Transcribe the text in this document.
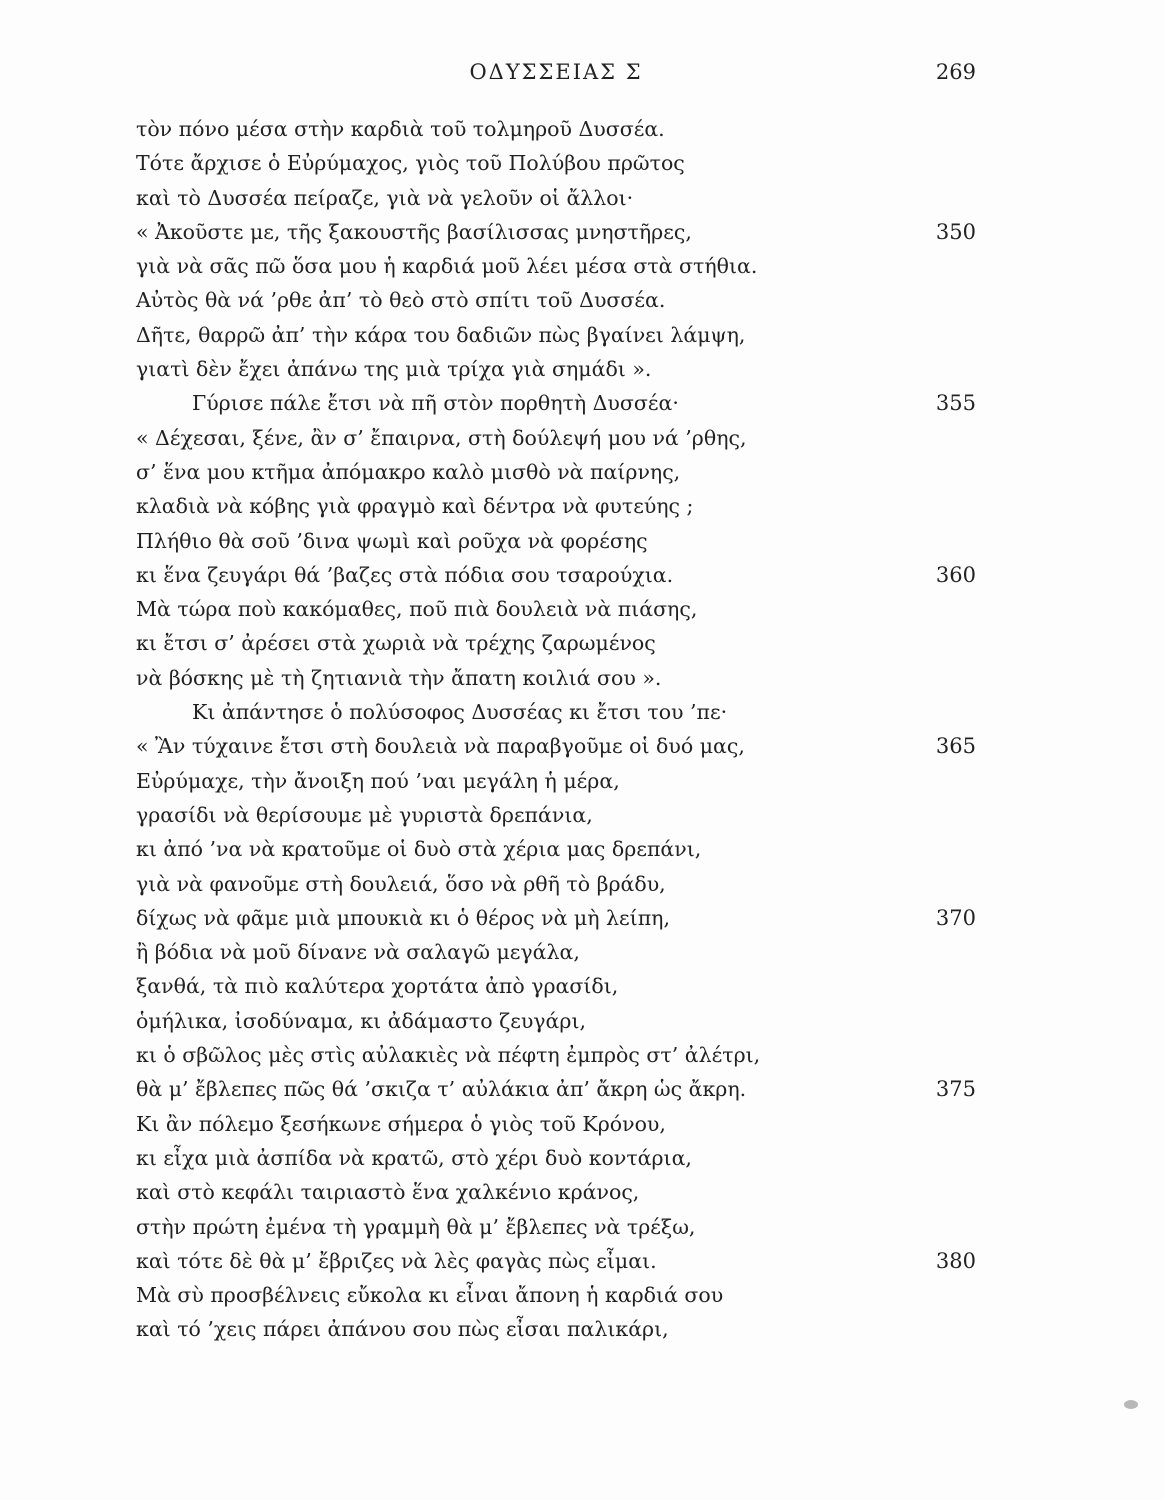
ΟΔΥΣΣΕΙΑΣ Σ	269
τὸν πόνο μέσα στὴν καρδιὰ τοῦ τολμηροῦ Δυσσέα.
Τότε ἄρχισε ὁ Εὐρύμαχος, γιὸς τοῦ Πολύβου πρῶτος
καὶ τὸ Δυσσέα πείραζε, γιὰ νὰ γελοῦν οἱ ἄλλοι·
« Ἀκοῦστε με, τῆς ξακουστῆς βασίλισσας μνηστῆρες,	350
γιὰ νὰ σᾶς πῶ ὅσα μου ἡ καρδιά μοῦ λέει μέσα στὰ στήθια.
Αὐτὸς θὰ νά ’ρθε ἀπ’ τὸ θεὸ στὸ σπίτι τοῦ Δυσσέα.
Δῆτε, θαρρῶ ἀπ’ τὴν κάρα του δαδιῶν πὼς βγαίνει λάμψη,
γιατὶ δὲν ἔχει ἀπάνω της μιὰ τρίχα γιὰ σημάδι ».
Γύρισε πάλε ἔτσι νὰ πῆ στὸν πορθητὴ Δυσσέα·	355
« Δέχεσαι, ξένε, ἂν σ’ ἔπαιρνα, στὴ δούλεψή μου νά ’ρθης,
σ’ ἕνα μου κτῆμα ἀπόμακρο καλὸ μισθὸ νὰ παίρνης,
κλαδιὰ νὰ κόβης γιὰ φραγμὸ καὶ δέντρα νὰ φυτεύης ;
Πλήθιο θὰ σοῦ ’δινα ψωμὶ καὶ ροῦχα νὰ φορέσης
κι ἕνα ζευγάρι θά ’βαζες στὰ πόδια σου τσαρούχια.	360
Μὰ τώρα ποὺ κακόμαθες, ποῦ πιὰ δουλειὰ νὰ πιάσης,
κι ἔτσι σ’ ἀρέσει στὰ χωριὰ νὰ τρέχης ζαρωμένος
νὰ βόσκης μὲ τὴ ζητιανιὰ τὴν ἄπατη κοιλιά σου ».
Κι ἀπάντησε ὁ πολύσοφος Δυσσέας κι ἔτσι του ’πε·
« Ἂν τύχαινε ἔτσι στὴ δουλειὰ νὰ παραβγοῦμε οἱ δυό μας,	365
Εὐρύμαχε, τὴν ἄνοιξη πού ’ναι μεγάλη ἡ μέρα,
γρασίδι νὰ θερίσουμε μὲ γυριστὰ δρεπάνια,
κι ἀπό ’να νὰ κρατοῦμε οἱ δυὸ στὰ χέρια μας δρεπάνι,
γιὰ νὰ φανοῦμε στὴ δουλειά, ὅσο νὰ ρθῆ τὸ βράδυ,
δίχως νὰ φᾶμε μιὰ μπουκιὰ κι ὁ θέρος νὰ μὴ λείπη,	370
ἢ βόδια νὰ μοῦ δίνανε νὰ σαλαγῶ μεγάλα,
ξανθά, τὰ πιὸ καλύτερα χορτάτα ἀπὸ γρασίδι,
ὁμήλικα, ἰσοδύναμα, κι ἀδάμαστο ζευγάρι,
κι ὁ σβῶλος μὲς στὶς αὐλακιὲς νὰ πέφτη ἐμπρὸς στ’ ἀλέτρι,
θὰ μ’ ἔβλεπες πῶς θά ’σκιζα τ’ αὐλάκια ἀπ’ ἄκρη ὡς ἄκρη.	375
Κι ἂν πόλεμο ξεσήκωνε σήμερα ὁ γιὸς τοῦ Κρόνου,
κι εἶχα μιὰ ἀσπίδα νὰ κρατῶ, στὸ χέρι δυὸ κοντάρια,
καὶ στὸ κεφάλι ταιριαστὸ ἕνα χαλκένιο κράνος,
στὴν πρώτη ἐμένα τὴ γραμμὴ θὰ μ’ ἔβλεπες νὰ τρέξω,
καὶ τότε δὲ θὰ μ’ ἔβριζες νὰ λὲς φαγὰς πὼς εἶμαι.	380
Μὰ σὺ προσβέλνεις εὔκολα κι εἶναι ἄπονη ἡ καρδιά σου
καὶ τό ’χεις πάρει ἀπάνου σου πὼς εἶσαι παλικάρι,
